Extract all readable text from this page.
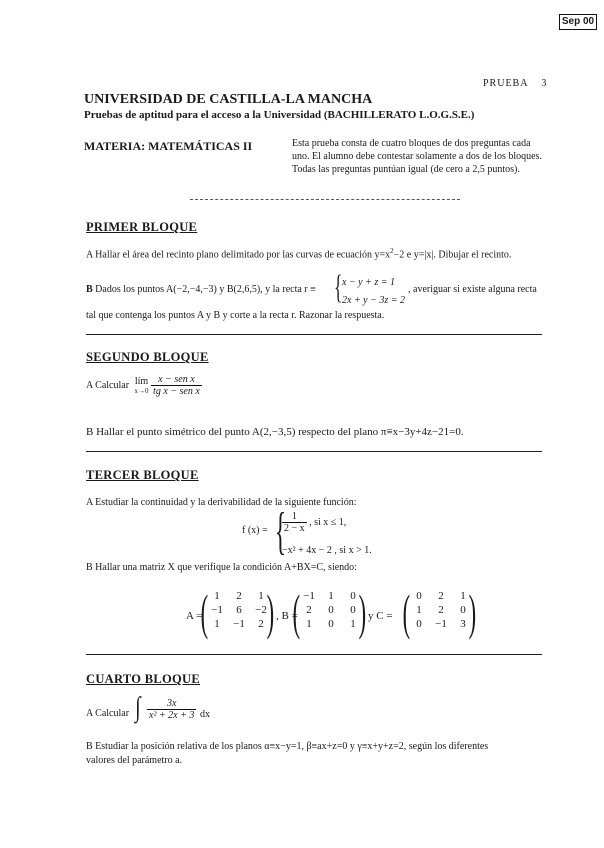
Sep 00
PRUEBA 3
UNIVERSIDAD DE CASTILLA-LA MANCHA
Pruebas de aptitud para el acceso a la Universidad (BACHILLERATO L.O.G.S.E.)
MATERIA: MATEMÁTICAS II	Esta prueba consta de cuatro bloques de dos preguntas cada
uno. El alumno debe contestar solamente a dos de los bloques.
Todas las preguntas puntúan igual (de cero a 2,5 puntos).
PRIMER BLOQUE
A Hallar el área del recinto plano delimitado por las curvas de ecuación $y=x^2-2$ e y=|x|. Dibujar el recinto.
B Dados los puntos A(−2,−4,−3) y B(2,6,5), y la recta r ≡ { x − y + z = 1
2x + y − 3z = 2
, averiguar si existe alguna recta
tal que contenga los puntos A y B y corte a la recta r. Razonar la respuesta.
SEGUNDO BLOQUE
A Calcular lím
x→0
$\frac{\text{x − sen x}}{\text{tg x − sen x}}$
B Hallar el punto simétrico del punto A(2,−3,5) respecto del plano π≡x−3y+4z−21=0.
TERCER BLOQUE
A Estudiar la continuidad y la derivabilidad de la siguiente función:
f (x) = {
$\frac{1}{2 - x}$ , si x ≤ 1,
−x² + 4x − 2 , si x > 1.
B Hallar una matriz X que verifique la condición A+BX=C, siendo:
A =
( 1	2	1
−1	6	−2
1	−1	2 ) , B =
( −1	1	0
2	0	0
1	0	1 ) y C = ( 0	2	1
1	2	0
0	−1	3 )
CUARTO BLOQUE
A Calcular ∫ $\frac{3x}{\text{x² + 2x + 3}}$ dx
B Estudiar la posición relativa de los planos α≡x−y=1, β≡ax+z=0 y γ≡x+y+z=2, según los diferentes
valores del parámetro a.
